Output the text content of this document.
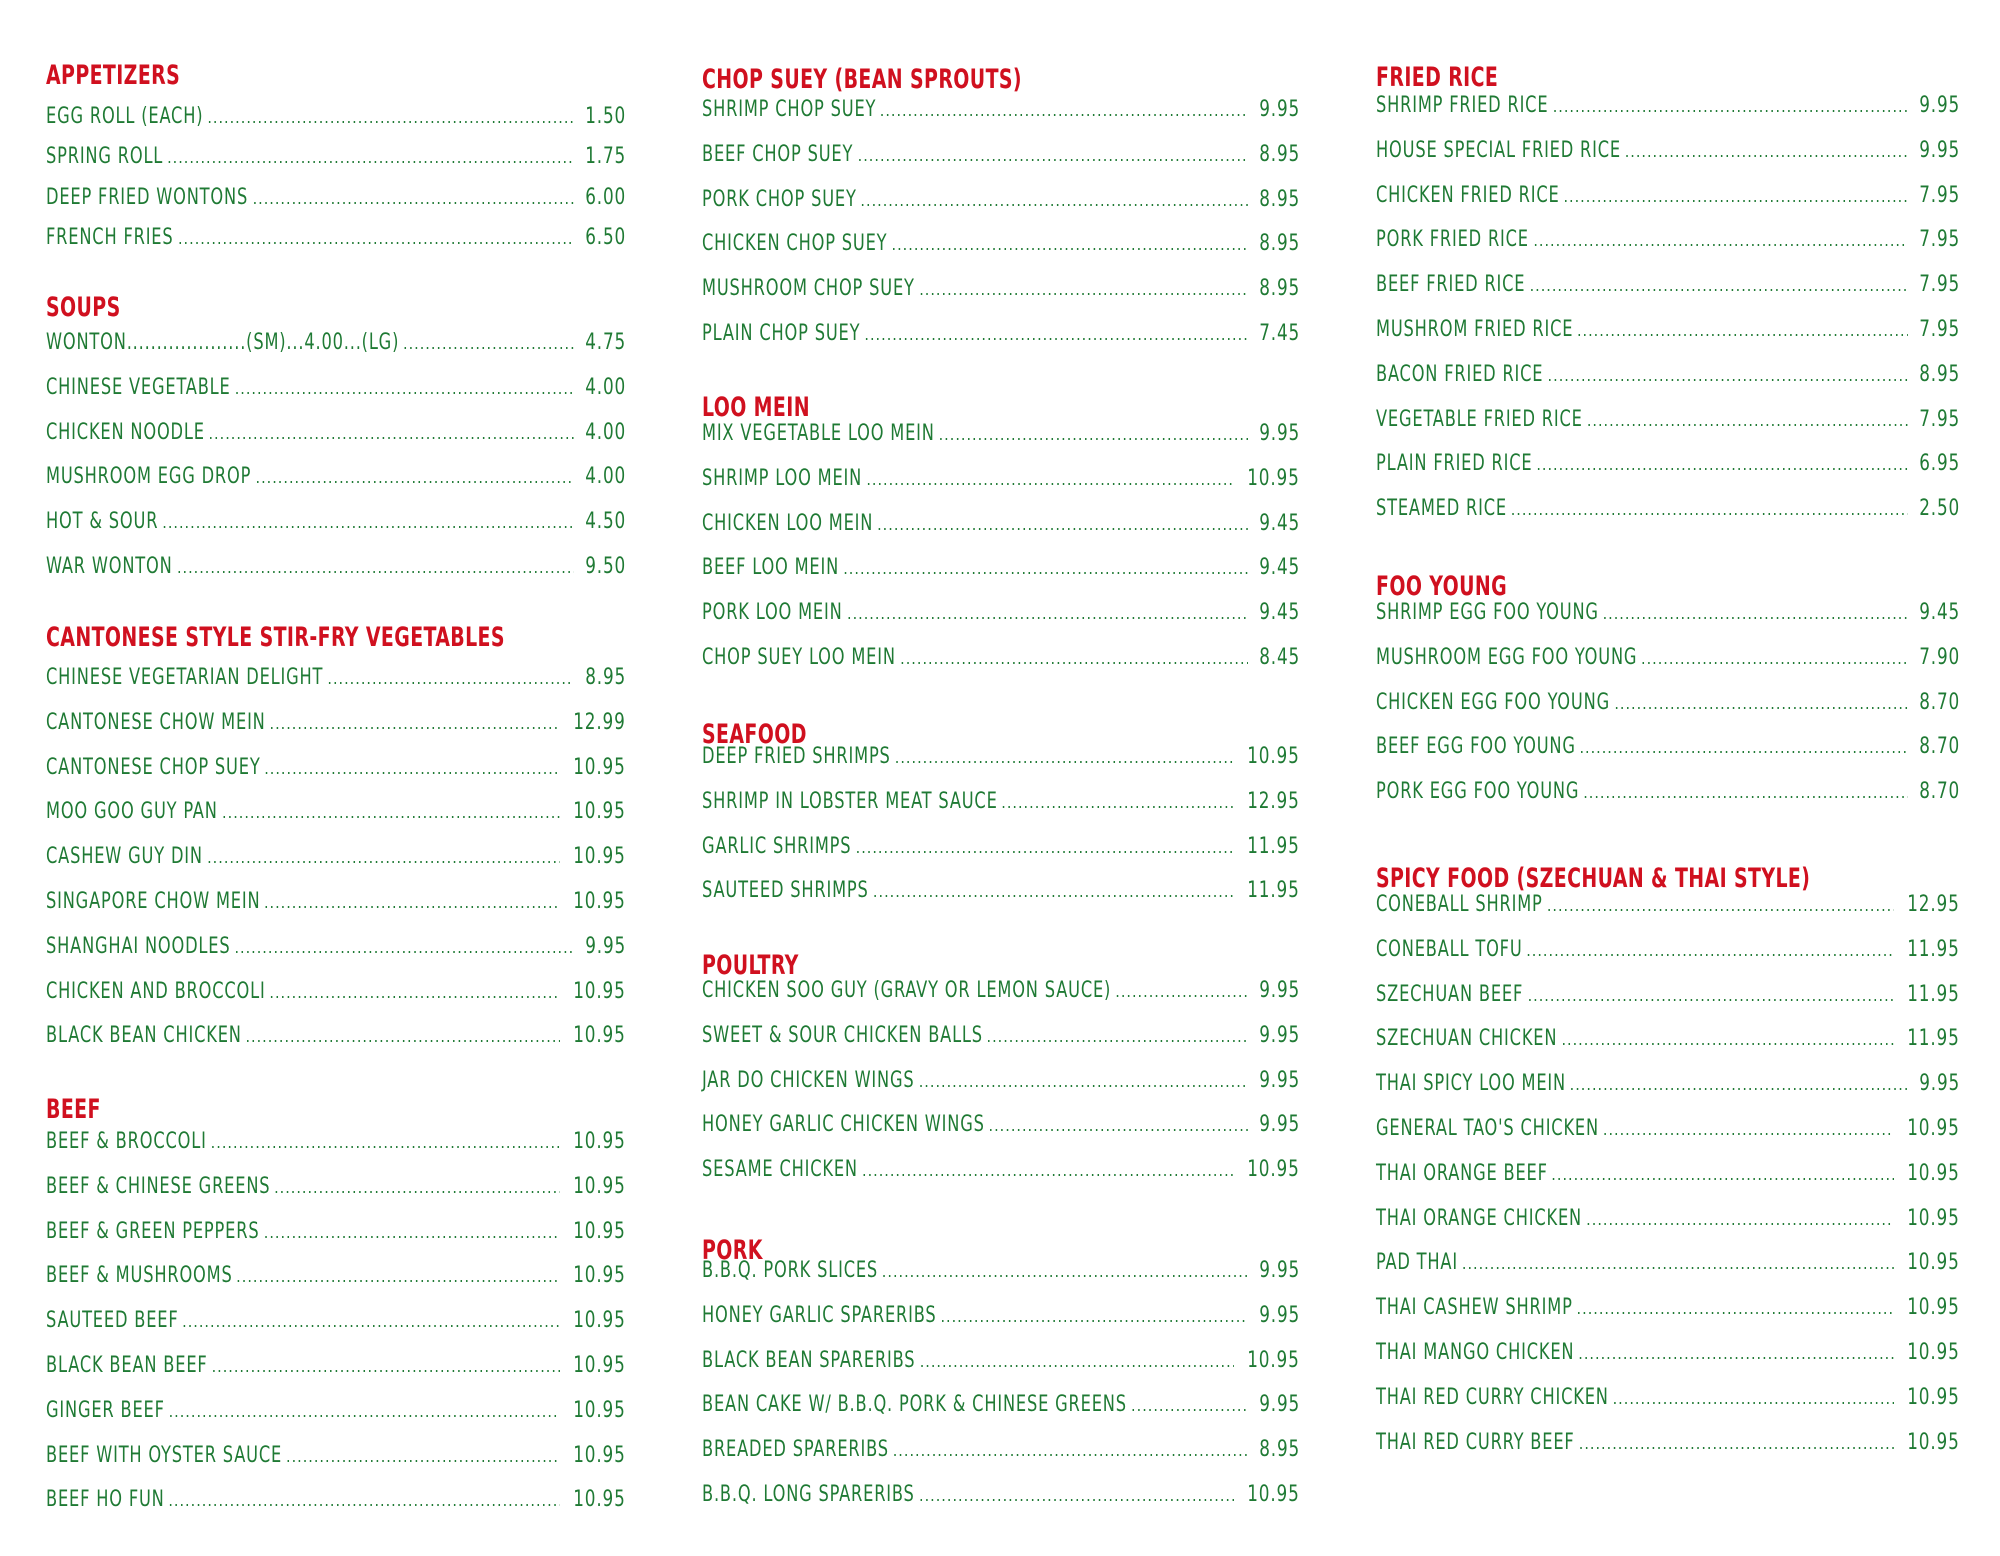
APPETIZERS
EGG ROLL (EACH) .....	1.50
SPRING ROLL .....	1.75
DEEP FRIED WONTONS .....	6.00
FRENCH FRIES .....	6.50
SOUPS
WONTON....................(SM)...4.00...(LG) .....	4.75
CHINESE VEGETABLE .....	4.00
CHICKEN NOODLE .....	4.00
MUSHROOM EGG DROP .....	4.00
HOT & SOUR .....	4.50
WAR WONTON .....	9.50
CANTONESE STYLE STIR-FRY VEGETABLES
CHINESE VEGETARIAN DELIGHT .....	8.95
CANTONESE CHOW MEIN .....	12.99
CANTONESE CHOP SUEY .....	10.95
MOO GOO GUY PAN .....	10.95
CASHEW GUY DIN .....	10.95
SINGAPORE CHOW MEIN .....	10.95
SHANGHAI NOODLES .....	9.95
CHICKEN AND BROCCOLI .....	10.95
BLACK BEAN CHICKEN .....	10.95
BEEF
BEEF & BROCCOLI .....	10.95
BEEF & CHINESE GREENS .....	10.95
BEEF & GREEN PEPPERS .....	10.95
BEEF & MUSHROOMS .....	10.95
SAUTEED BEEF .....	10.95
BLACK BEAN BEEF .....	10.95
GINGER BEEF .....	10.95
BEEF WITH OYSTER SAUCE .....	10.95
BEEF HO FUN .....	10.95
CHOP SUEY (BEAN SPROUTS)
SHRIMP CHOP SUEY .....	9.95
BEEF CHOP SUEY .....	8.95
PORK CHOP SUEY .....	8.95
CHICKEN CHOP SUEY .....	8.95
MUSHROOM CHOP SUEY .....	8.95
PLAIN CHOP SUEY .....	7.45
LOO MEIN
MIX VEGETABLE LOO MEIN .....	9.95
SHRIMP LOO MEIN .....	10.95
CHICKEN LOO MEIN .....	9.45
BEEF LOO MEIN .....	9.45
PORK LOO MEIN .....	9.45
CHOP SUEY LOO MEIN .....	8.45
SEAFOOD
DEEP FRIED SHRIMPS .....	10.95
SHRIMP IN LOBSTER MEAT SAUCE .....	12.95
GARLIC SHRIMPS .....	11.95
SAUTEED SHRIMPS .....	11.95
POULTRY
CHICKEN SOO GUY (GRAVY OR LEMON SAUCE) .....	9.95
SWEET & SOUR CHICKEN BALLS .....	9.95
JAR DO CHICKEN WINGS .....	9.95
HONEY GARLIC CHICKEN WINGS .....	9.95
SESAME CHICKEN .....	10.95
PORK
B.B.Q. PORK SLICES .....	9.95
HONEY GARLIC SPARERIBS .....	9.95
BLACK BEAN SPARERIBS .....	10.95
BEAN CAKE W/ B.B.Q. PORK & CHINESE GREENS .....	9.95
BREADED SPARERIBS .....	8.95
B.B.Q. LONG SPARERIBS .....	10.95
FRIED RICE
SHRIMP FRIED RICE .....	9.95
HOUSE SPECIAL FRIED RICE .....	9.95
CHICKEN FRIED RICE .....	7.95
PORK FRIED RICE .....	7.95
BEEF FRIED RICE .....	7.95
MUSHROM FRIED RICE .....	7.95
BACON FRIED RICE .....	8.95
VEGETABLE FRIED RICE .....	7.95
PLAIN FRIED RICE .....	6.95
STEAMED RICE .....	2.50
FOO YOUNG
SHRIMP EGG FOO YOUNG .....	9.45
MUSHROOM EGG FOO YOUNG .....	7.90
CHICKEN EGG FOO YOUNG .....	8.70
BEEF EGG FOO YOUNG .....	8.70
PORK EGG FOO YOUNG .....	8.70
SPICY FOOD (SZECHUAN & THAI STYLE)
CONEBALL SHRIMP .....	12.95
CONEBALL TOFU .....	11.95
SZECHUAN BEEF .....	11.95
SZECHUAN CHICKEN .....	11.95
THAI SPICY LOO MEIN .....	9.95
GENERAL TAO'S CHICKEN .....	10.95
THAI ORANGE BEEF .....	10.95
THAI ORANGE CHICKEN .....	10.95
PAD THAI .....	10.95
THAI CASHEW SHRIMP .....	10.95
THAI MANGO CHICKEN .....	10.95
THAI RED CURRY CHICKEN .....	10.95
THAI RED CURRY BEEF .....	10.95
